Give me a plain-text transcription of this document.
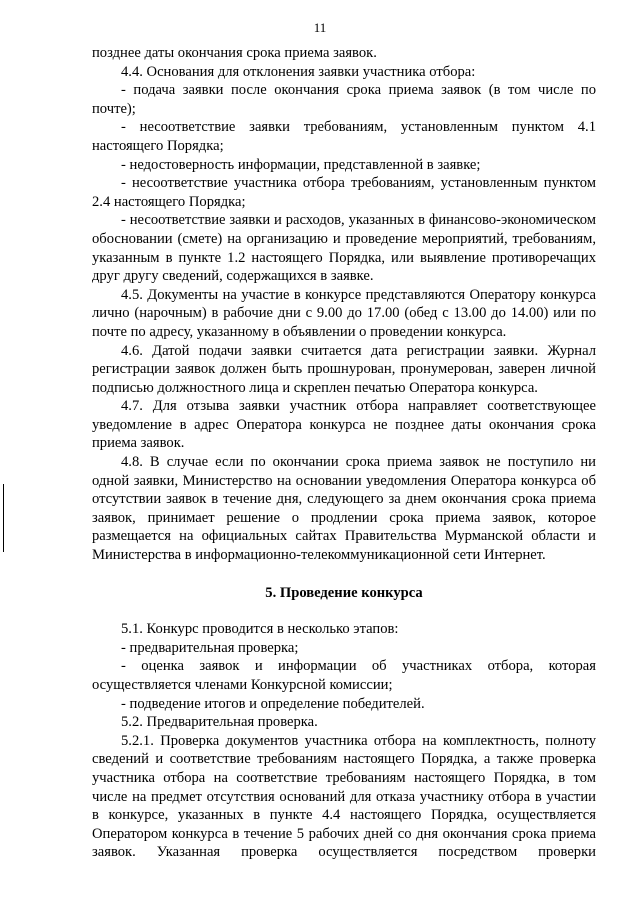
11

позднее даты окончания срока приема заявок.

4.4. Основания для отклонения заявки участника отбора:

- подача заявки после окончания срока приема заявок (в том числе по почте);

- несоответствие заявки требованиям, установленным пунктом 4.1 настоящего Порядка;

- недостоверность информации, представленной в заявке;

- несоответствие участника отбора требованиям, установленным пунктом 2.4 настоящего Порядка;

- несоответствие заявки и расходов, указанных в финансово-экономическом обосновании (смете) на организацию и проведение мероприятий, требованиям, указанным в пункте 1.2 настоящего Порядка, или выявление противоречащих друг другу сведений, содержащихся в заявке.

4.5. Документы на участие в конкурсе представляются Оператору конкурса лично (нарочным) в рабочие дни с 9.00 до 17.00 (обед с 13.00 до 14.00) или по почте по адресу, указанному в объявлении о проведении конкурса.

4.6. Датой подачи заявки считается дата регистрации заявки. Журнал регистрации заявок должен быть прошнурован, пронумерован, заверен личной подписью должностного лица и скреплен печатью Оператора конкурса.

4.7. Для отзыва заявки участник отбора направляет соответствующее уведомление в адрес Оператора конкурса не позднее даты окончания срока приема заявок.

4.8. В случае если по окончании срока приема заявок не поступило ни одной заявки, Министерство на основании уведомления Оператора конкурса об отсутствии заявок в течение дня, следующего за днем окончания срока приема заявок, принимает решение о продлении срока приема заявок, которое размещается на официальных сайтах Правительства Мурманской области и Министерства в информационно-телекоммуникационной сети Интернет.

5. Проведение конкурса

5.1. Конкурс проводится в несколько этапов:

- предварительная проверка;

- оценка заявок и информации об участниках отбора, которая осуществляется членами Конкурсной комиссии;

- подведение итогов и определение победителей.

5.2. Предварительная проверка.

5.2.1. Проверка документов участника отбора на комплектность, полноту сведений и соответствие требованиям настоящего Порядка, а также проверка участника отбора на соответствие требованиям настоящего Порядка, в том числе на предмет отсутствия оснований для отказа участнику отбора в участии в конкурсе, указанных в пункте 4.4 настоящего Порядка, осуществляется Оператором конкурса в течение 5 рабочих дней со дня окончания срока приема заявок. Указанная проверка осуществляется посредством проверки
